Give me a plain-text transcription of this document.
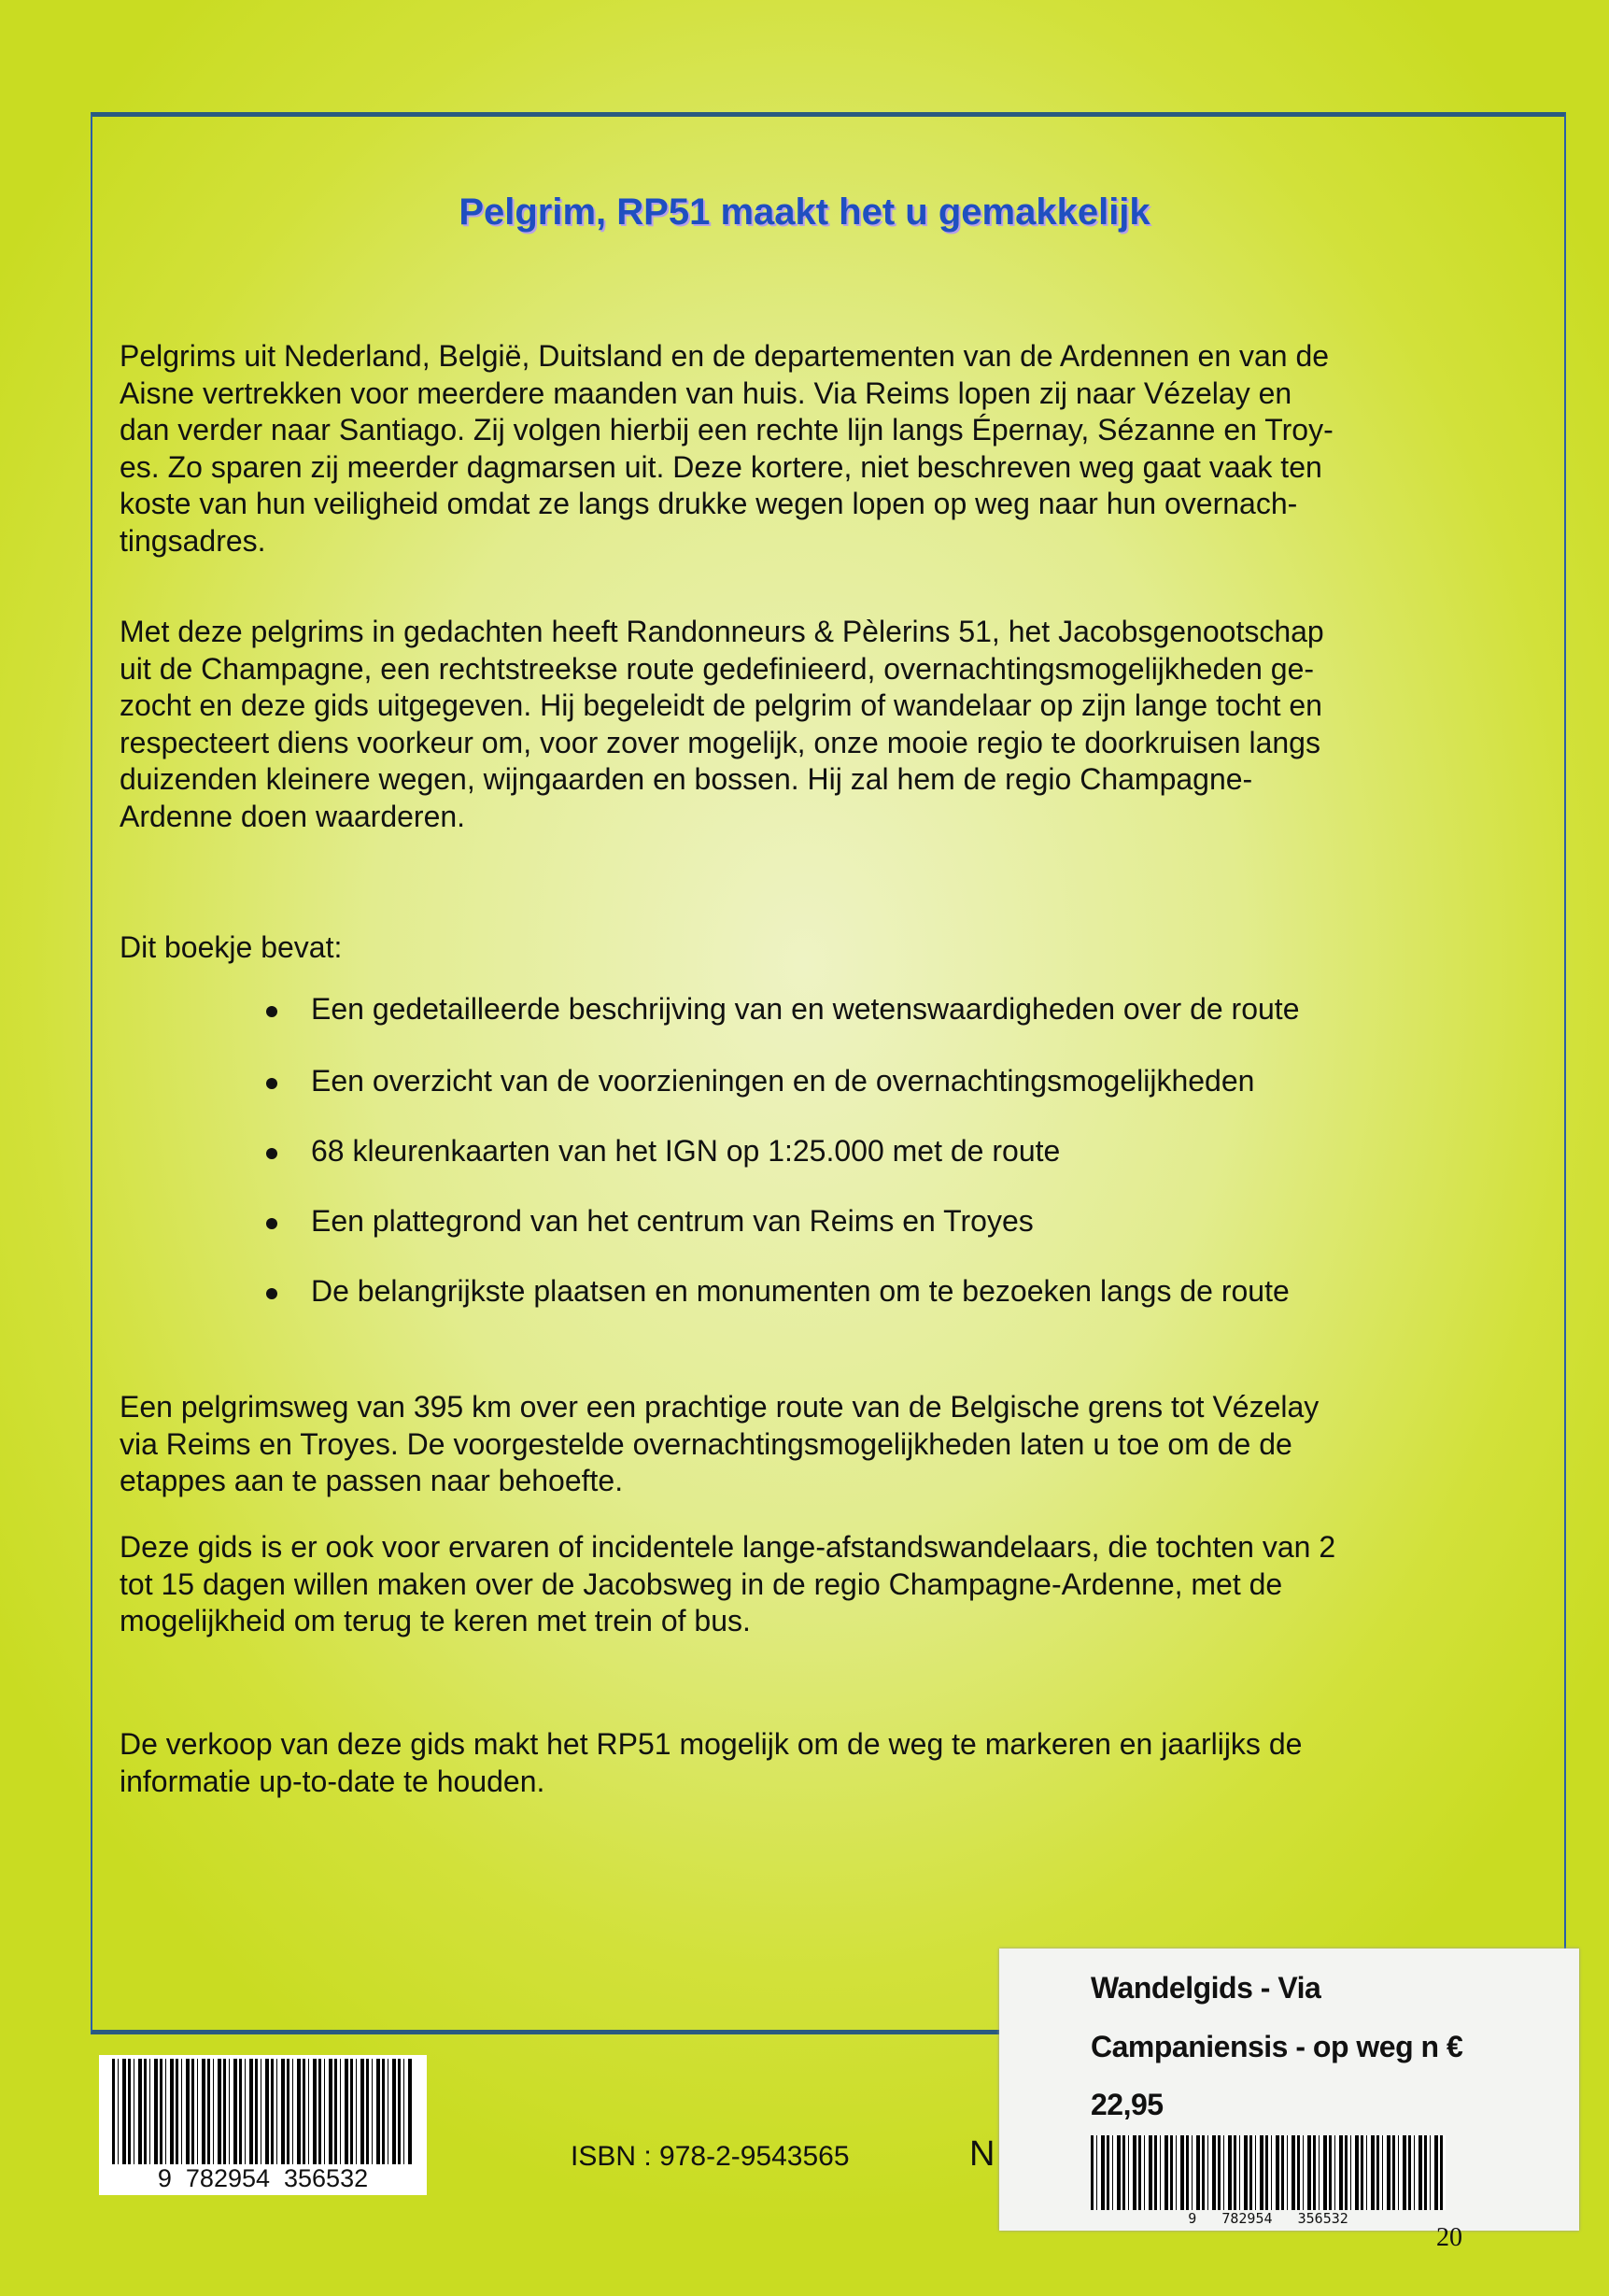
Pelgrim, RP51 maakt het u gemakkelijk
Pelgrims uit Nederland, België, Duitsland en de departementen van de Ardennen en van de
Aisne vertrekken voor meerdere maanden van huis. Via Reims lopen zij naar Vézelay en
dan verder naar Santiago. Zij volgen hierbij een rechte lijn langs Épernay, Sézanne en Troy-
es. Zo sparen zij meerder dagmarsen uit. Deze kortere, niet beschreven weg gaat vaak ten
koste van hun veiligheid omdat ze langs drukke wegen lopen op weg naar hun overnach-
tingsadres.
Met deze pelgrims in gedachten heeft Randonneurs & Pèlerins 51, het Jacobsgenootschap
uit de Champagne, een rechtstreekse route gedefinieerd, overnachtingsmogelijkheden ge-
zocht en deze gids uitgegeven. Hij begeleidt de pelgrim of wandelaar op zijn lange tocht en
respecteert diens voorkeur om, voor zover mogelijk, onze mooie regio te doorkruisen langs
duizenden kleinere wegen, wijngaarden en bossen. Hij zal hem de regio Champagne-
Ardenne doen waarderen.
Dit boekje bevat:
Een gedetailleerde beschrijving van en wetenswaardigheden over de route
Een overzicht van de voorzieningen en de overnachtingsmogelijkheden
68 kleurenkaarten van het IGN op 1:25.000 met de route
Een plattegrond van het centrum van Reims en Troyes
De belangrijkste plaatsen en monumenten om te bezoeken langs de route
Een pelgrimsweg van 395 km over een prachtige route van de Belgische grens tot Vézelay
via Reims en Troyes. De voorgestelde overnachtingsmogelijkheden laten u toe om de de
etappes aan te passen naar behoefte.
Deze gids is er ook voor ervaren of incidentele lange-afstandswandelaars, die tochten van 2
tot 15 dagen willen maken over de Jacobsweg in de regio Champagne-Ardenne, met de
mogelijkheid om terug te keren met trein of bus.
De verkoop van deze gids makt het RP51 mogelijk om de weg te markeren en jaarlijks de
informatie up-to-date te houden.
9  782954  356532
ISBN : 978-2-9543565	N
Wandelgids - Via
Campaniensis - op weg n €
22,95
9   782954   356532
20
